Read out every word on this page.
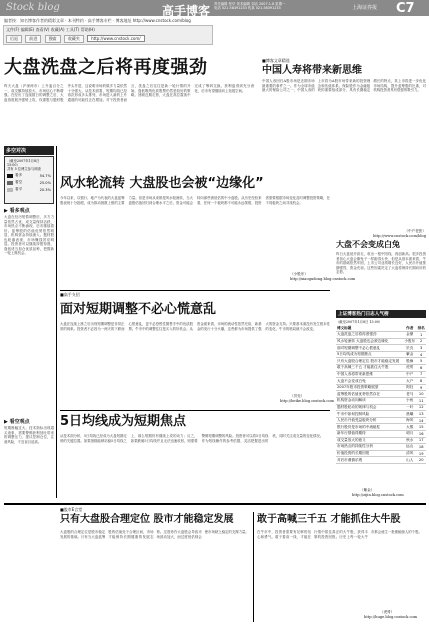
Stock blog	高手博客 责任编辑 张华 美术编辑 刘洁 2007.1.8 星期一
电话 021-58391233 传真 021-58391233	上海证券报 C7
编者按：知名博客作者的精彩文章 · 本刊特约 · 高手博客专栏 · 博客地址 http://www.cnstock.com/blog
文件(F) 编辑(E) 查看(V) 收藏(A) 工具(T) 帮助(H)
后退	前进	搜索	收藏夹	http://www.cnstock.com/
大盘洗盘之后将再度强劲
昨天大盘（沪深两市）上升逾百分之一，成交额持续放大，市场信心不断增强。在经历了连续数日的调整之后，大盘再度展开强势上攻，权重股与题材股齐头并进，这说明市场的做多力量依然十分强大。从技术面看，短期均线已经再次形成多头排列，市场进入新的上升通道的可能性正在增加。对于投资者而言，洗盘之后往往是新一轮行情的开始，逢低吸纳优质股票仍然是较好的策略。回顾近期走势，大盘在高位震荡中完成了筹码交换，获利盘得到充分消化，后市有望继续向上拓展空间。
多空对决
（截至2007年1月8日 15:00）
共有 5 位博主参与调查
看多	54.7%
看空	25.0%
看平	20.3%
▶ 看多观点
大盘在经历短暂调整后，多方力量依然占优，成交量保持活跃，市场热点不断涌现，后市继续看好。蓝筹股的估值优势依然明显，机构资金持续流入。题材股也轮番表现，市场赚钱效应明显。投资者可以继续持股待涨，逢低适当加仓优质品种，把握新一轮上涨机会。
▶ 看空观点
短期涨幅过大，技术指标出现超买迹象，需要警惕获利回吐带来的调整压力，建议控制仓位，注意风险，不宜盲目追高。
■博客文章精选
中国人寿将带来新思维
中国人寿回归A股市场是近期市场最重要的事件之一。作为全球市值最大的保险公司之一，中国人寿的上市将为A股市场带来新的投资理念和估值体系。保险股作为金融板块的重要组成部分，具有长期稳定增长的特点，其上市将进一步优化市场结构，提升蓝筹股的比重，对机构投资者具有很强的吸引力。
（中户老张）
http://www.cnstock.com/blog
大盘不会变成白兔
昨日大盘低开高走，收出一根中阳线，再创新高。很多投资者担心大盘会像兔子一样跑得太快，但是从基本面来看，牛市的基础依然牢固，上市公司业绩增长良好，人民币升值预期强烈，资金充裕。这些因素决定了大盘将保持长期向好的态势。
风水轮流转 大盘股也会被“边缘化”
今年以来，以银行、地产为代表的大盘蓝筹股表现十分抢眼，成为推动指数上涨的主要力量。但是市场从来都是风水轮流转，当大盘股估值回归到合理水平之后，资金可能会转向那些被低估的中小盘股。从历史经验来看，任何一个板块都不可能永远领涨，投资者需要根据市场变化及时调整投资策略，在不同板块之间寻找机会。
（小股东）
http://xiaogudong.blog.cnstock.com
■高手支招
面对短期调整不必心慌意乱
大盘在连续上涨之后出现短期调整是非常正常的现象。投资者不必因为一两天的下跌而心慌意乱，更不必恐慌性抛售手中的优质股票。牛市中的调整往往是买入的好机会。从资金面来看，市场的流动性依然充裕，新基金的发行十分火爆，这些都为市场提供了强大的资金支持。只要基本面没有发生根本性的变化，牛市的格局就不会改变。
（贝壳）
http://beike.blog.cnstock.com
上证博客热门日志人气榜
（截至2007年1月8日 15:00）
博文标题	作者	排名
大盘洗盘之后将再度强劲	金鼎	1
风水轮流转 大盘股也会被边缘化	小股东	2
面对短期调整不必心慌意乱	贝壳	3
5日均线成为短期焦点	紫金	4
只有大盘股合理定位 股市才能稳定发展	股痴	5
敢于高喊三千五 才能抓住大牛股	虎哥	6
中国人寿将带来新思维	中户	7
大盘不会变成白兔	大户	8
2007年股市投资策略展望	阿杜	9
蓝筹股的估值优势依然存在	老马	10
机构资金动向解读	小鱼	11
题材股轮动的规律与机会	一叶	12
牛市中如何控制风险	晨曦	13
人民币升值受益板块分析	海风	14
银行股仍是市场的中流砥柱	大熊	15
新年行情值得期待	明月	16
成交量放大的意义	秋水	17
市场热点的持续性分析	远山	18
价值投资的长期回报	清风	19
对后市谨慎乐观	山人	20
5日均线成为短期焦点
从技术面分析，5日均线已经成为大盘短期走势的关键位置。如果指数能够站稳5日均线之上，那么短期仍有继续上攻的动力；反之，如果跌破5日均线并且无法迅速收回，则需要警惕短期调整的风险。投资者可以将5日均线作为短线操作的参考依据，灵活把握进出时机，同时关注成交量的变化情况。
（紫金）
http://zijin.blog.cnstock.com
■股市E言堂
只有大盘股合理定位 股市才能稳定发展
大盘股的合理定位是股市稳定发展的基础。只有当大盘蓝筹股的估值处于合理区间，市场才能保持长期健康的发展态势。过度炒作大盘股会导致市场波动加大，而过度低估则会使市场缺乏稳定的支撑力量。
敢于高喊三千五 才能抓住大牛股
在牛市中，投资者需要有足够的信心和勇气。敢于看高一线，才能在行情中抓住真正的大牛股，获得丰厚的投资回报。历史上每一轮大牛市都会诞生一批涨幅惊人的个股。
（虎哥）
http://huge.blog.cnstock.com
